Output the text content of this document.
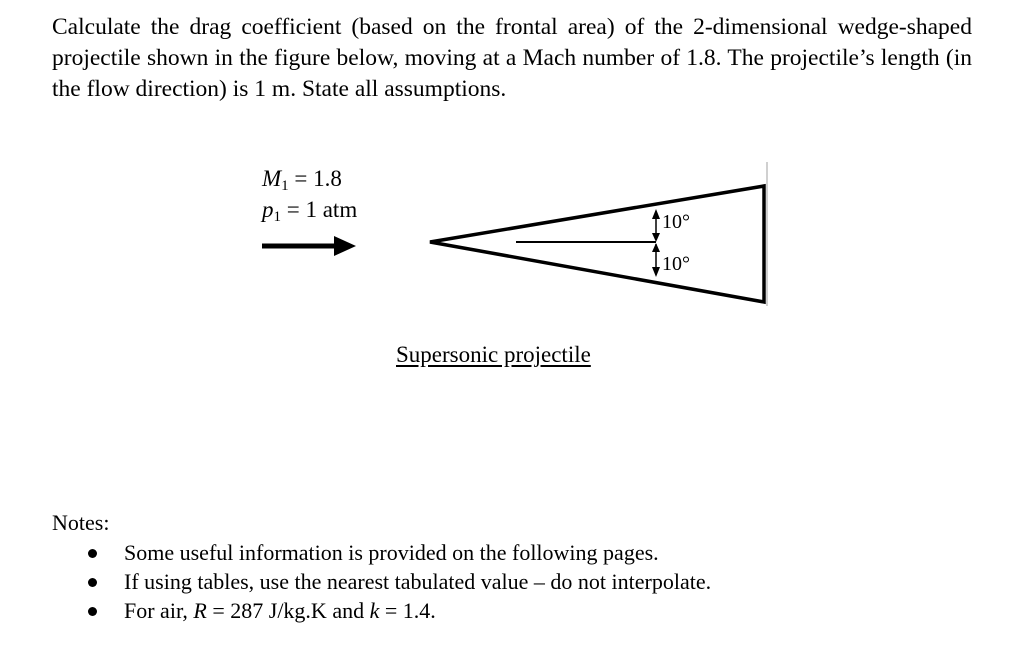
Calculate the drag coefficient (based on the frontal area) of the 2-dimensional wedge-shaped projectile shown in the figure below, moving at a Mach number of 1.8. The projectile’s length (in the flow direction) is 1 m. State all assumptions.

$M_1 = 1.8$
$p_1 = 1$ atm	10°
10°
Supersonic projectile
Notes:
Some useful information is provided on the following pages.
If using tables, use the nearest tabulated value – do not interpolate.
For air, R = 287 J/kg.K and k = 1.4.
